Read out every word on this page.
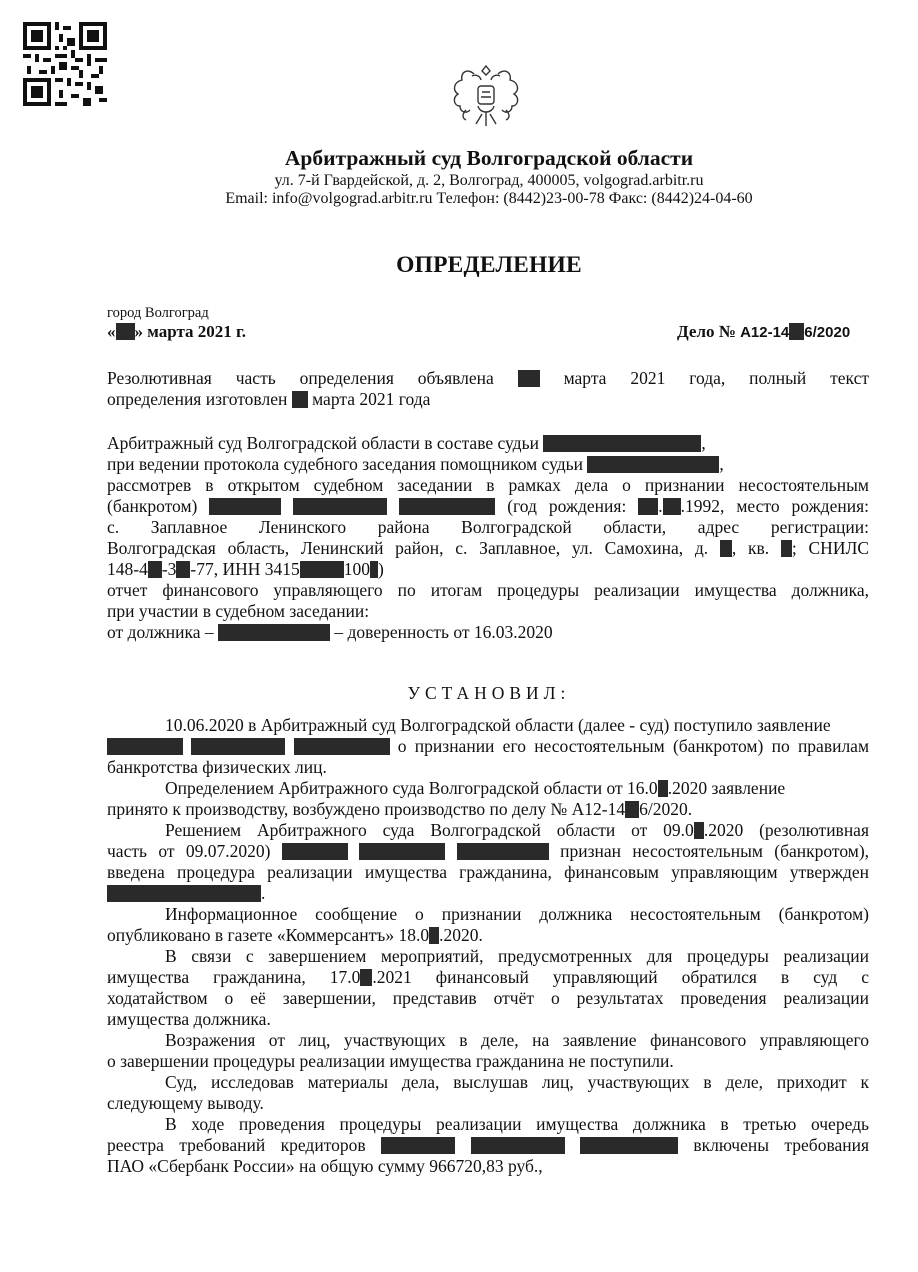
Арбитражный суд Волгоградской области
ул. 7-й Гвардейской, д. 2, Волгоград, 400005, volgograd.arbitr.ru
Email: info@volgograd.arbitr.ru Телефон: (8442)23-00-78 Факс: (8442)24-04-60
ОПРЕДЕЛЕНИЕ
город Волгоград
« » марта 2021 г.	Дело № А12-14 6/2020
Резолютивная часть определения объявлена	марта 2021 года, полный текст
определения изготовлен марта 2021 года
Арбитражный суд Волгоградской области в составе судьи	,
при ведении протокола судебного заседания помощником судьи	,
рассмотрев в открытом судебном заседании в рамках дела о признании несостоятельным
(банкротом)	(год рождения: . .1992, место рождения:
с. Заплавное Ленинского района Волгоградской области, адрес регистрации:
Волгоградская область, Ленинский район, с. Заплавное, ул. Самохина, д. , кв. ; СНИЛС
148-4 -3 -77, ИНН 3415	100 )
отчет финансового управляющего по итогам процедуры реализации имущества должника,
при участии в судебном заседании:
от должника –	– доверенность от 16.03.2020
УСТАНОВИЛ:
10.06.2020 в Арбитражный суд Волгоградской области (далее - суд) поступило заявление
о признании его несостоятельным (банкротом) по правилам
банкротства физических лиц.
Определением Арбитражного суда Волгоградской области от 16.0 .2020 заявление
принято к производству, возбуждено производство по делу № А12-14 6/2020.
Решением Арбитражного суда Волгоградской области от 09.0 .2020 (резолютивная
часть от 09.07.2020)	признан несостоятельным (банкротом),
введена процедура реализации имущества гражданина, финансовым управляющим утвержден
.
Информационное сообщение о признании должника несостоятельным (банкротом)
опубликовано в газете «Коммерсантъ» 18.0 .2020.
В связи с завершением мероприятий, предусмотренных для процедуры реализации
имущества гражданина, 17.0 .2021 финансовый управляющий обратился в суд с
ходатайством о её завершении, представив отчёт о результатах проведения реализации
имущества должника.
Возражения от лиц, участвующих в деле, на заявление финансового управляющего
о завершении процедуры реализации имущества гражданина не поступили.
Суд, исследовав материалы дела, выслушав лиц, участвующих в деле, приходит к
следующему выводу.
В ходе проведения процедуры реализации имущества должника в третью очередь
реестра требований кредиторов	включены требования
ПАО «Сбербанк России» на общую сумму 966720,83 руб.,
